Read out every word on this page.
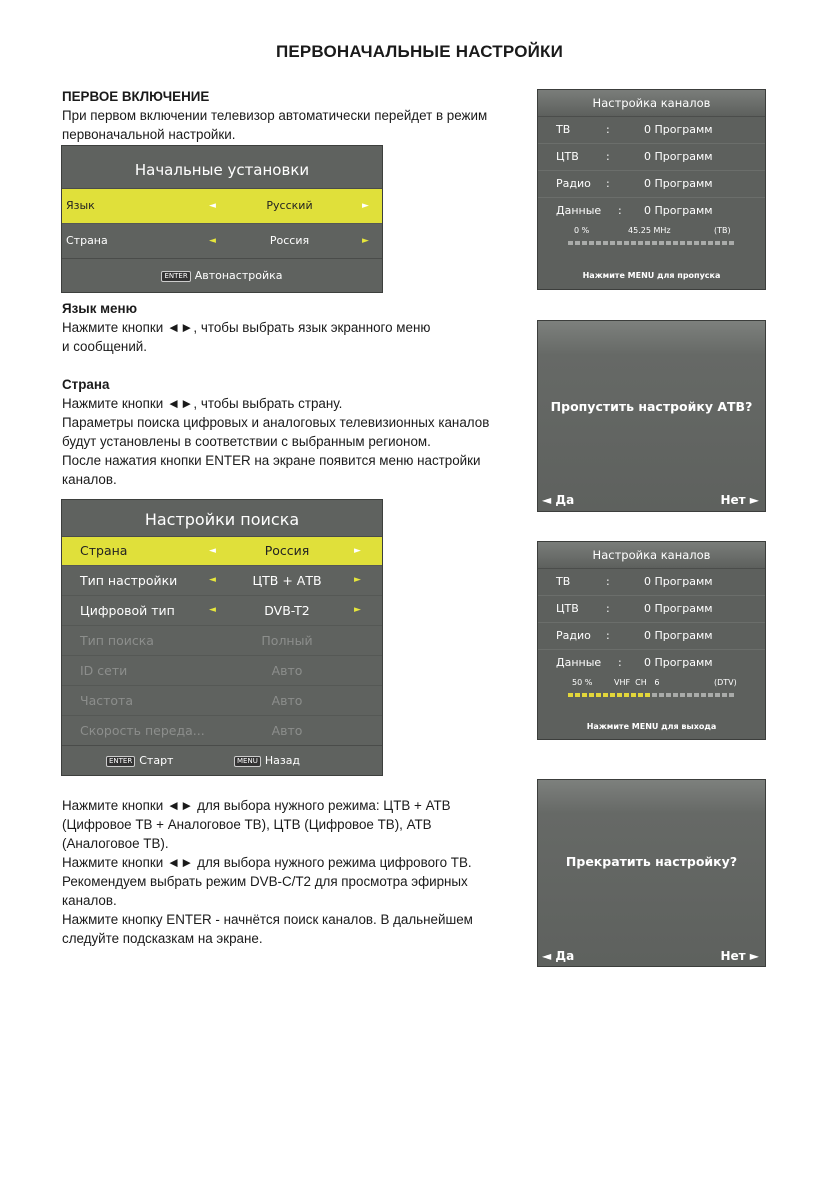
ПЕРВОНАЧАЛЬНЫЕ НАСТРОЙКИ

ПЕРВОЕ ВКЛЮЧЕНИЕ

При первом включении телевизор автоматически перейдет в режим

первоначальной настройки.

Начальные установки
Язык	◄	Русский	►
Страна	◄	Россия	►
ENTER Автонастройка

Язык меню

Нажмите кнопки ◄►, чтобы выбрать язык экранного меню

и сообщений.

Страна

Нажмите кнопки ◄►, чтобы выбрать страну.

Параметры поиска цифровых и аналоговых телевизионных каналов

будут установлены в соответствии с выбранным регионом.

После нажатия кнопки ENTER на экране появится меню настройки

каналов.

Настройки поиска
Страна	◄	Россия	►
Тип настройки	◄	ЦТВ + АТВ	►
Цифровой тип	◄	DVB-T2	►
Тип поиска	Полный
ID сети	Авто
Частота	Авто
Скорость переда...	Авто
ENTER Старт	MENU Назад

Нажмите кнопки ◄► для выбора нужного режима: ЦТВ + АТВ

(Цифровое ТВ + Аналоговое ТВ), ЦТВ (Цифровое ТВ), АТВ

(Аналоговое ТВ).

Нажмите кнопки ◄► для выбора нужного режима цифрового ТВ.

Рекомендуем выбрать режим DVB-C/T2 для просмотра эфирных

каналов.

Нажмите кнопку ENTER - начнётся поиск каналов. В дальнейшем

следуйте подсказкам на экране.

Настройка каналов
ТВ	:	0 Программ
ЦТВ :	0 Программ
Радио :	0 Программ
Данные : 0 Программ
0 %	45.25 MHz	(ТВ)
Нажмите MENU для пропуска
Пропустить настройку АТВ?
◄ Да	Нет ►
Настройка каналов
ТВ	:	0 Программ
ЦТВ :	0 Программ
Радио :	0 Программ
Данные : 0 Программ
50 %	VHF  CH   6	(DTV)
Нажмите MENU для выхода
Прекратить настройку?
◄ Да	Нет ►
